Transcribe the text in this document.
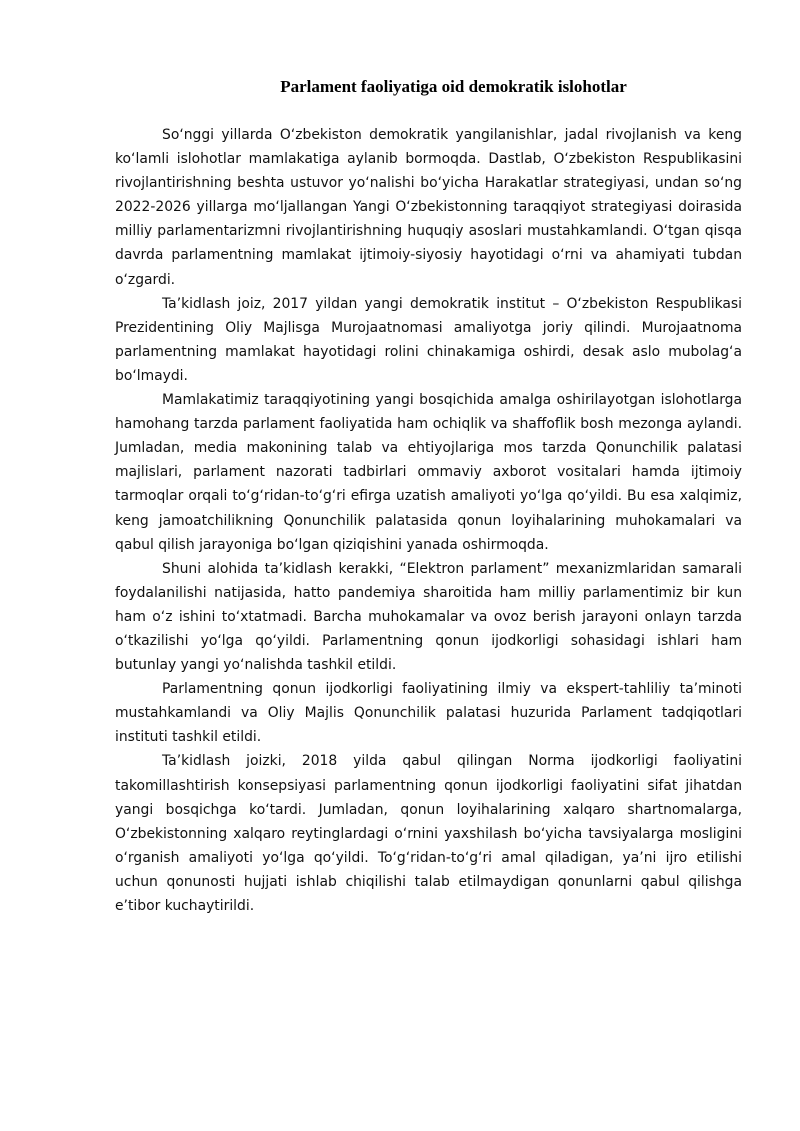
Parlament faoliyatiga oid demokratik islohotlar

So‘nggi yillarda O‘zbekiston demokratik yangilanishlar, jadal rivojlanish va keng ko‘lamli islohotlar mamlakatiga aylanib bormoqda. Dastlab, O‘zbekiston Respublikasini rivojlantirishning beshta ustuvor yo‘nalishi bo‘yicha Harakatlar strategiyasi, undan so‘ng 2022-2026 yillarga mo‘ljallangan Yangi O‘zbekistonning taraqqiyot strategiyasi doirasida milliy parlamentarizmni rivojlantirishning huquqiy asoslari mustahkamlandi. O‘tgan qisqa davrda parlamentning mamlakat ijtimoiy-siyosiy hayotidagi o‘rni va ahamiyati tubdan o‘zgardi.

Ta’kidlash joiz, 2017 yildan yangi demokratik institut – O‘zbekiston Respublikasi Prezidentining Oliy Majlisga Murojaatnomasi amaliyotga joriy qilindi. Murojaatnoma parlamentning mamlakat hayotidagi rolini chinakamiga oshirdi, desak aslo mubolag‘a bo‘lmaydi.

Mamlakatimiz taraqqiyotining yangi bosqichida amalga oshirilayotgan islohotlarga hamohang tarzda parlament faoliyatida ham ochiqlik va shaffoflik bosh mezonga aylandi. Jumladan, media makonining talab va ehtiyojlariga mos tarzda Qonunchilik palatasi majlislari, parlament nazorati tadbirlari ommaviy axborot vositalari hamda ijtimoiy tarmoqlar orqali to‘g‘ridan-to‘g‘ri efirga uzatish amaliyoti yo‘lga qo‘yildi. Bu esa xalqimiz, keng jamoatchilikning Qonunchilik palatasida qonun loyihalarining muhokamalari va qabul qilish jarayoniga bo‘lgan qiziqishini yanada oshirmoqda.

Shuni alohida ta’kidlash kerakki, “Elektron parlament” mexanizmlaridan samarali foydalanilishi natijasida, hatto pandemiya sharoitida ham milliy parlamentimiz bir kun ham o‘z ishini to‘xtatmadi. Barcha muhokamalar va ovoz berish jarayoni onlayn tarzda o‘tkazilishi yo‘lga qo‘yildi. Parlamentning qonun ijodkorligi sohasidagi ishlari ham butunlay yangi yo‘nalishda tashkil etildi.

Parlamentning qonun ijodkorligi faoliyatining ilmiy va ekspert-tahliliy ta’minoti mustahkamlandi va Oliy Majlis Qonunchilik palatasi huzurida Parlament tadqiqotlari instituti tashkil etildi.

Ta’kidlash joizki, 2018 yilda qabul qilingan Norma ijodkorligi faoliyatini takomillashtirish konsepsiyasi parlamentning qonun ijodkorligi faoliyatini sifat jihatdan yangi bosqichga ko‘tardi. Jumladan, qonun loyihalarining xalqaro shartnomalarga, O‘zbekistonning xalqaro reytinglardagi o‘rnini yaxshilash bo‘yicha tavsiyalarga mosligini o‘rganish amaliyoti yo‘lga qo‘yildi. To‘g‘ridan-to‘g‘ri amal qiladigan, ya’ni ijro etilishi uchun qonunosti hujjati ishlab chiqilishi talab etilmaydigan qonunlarni qabul qilishga e’tibor kuchaytirildi.
